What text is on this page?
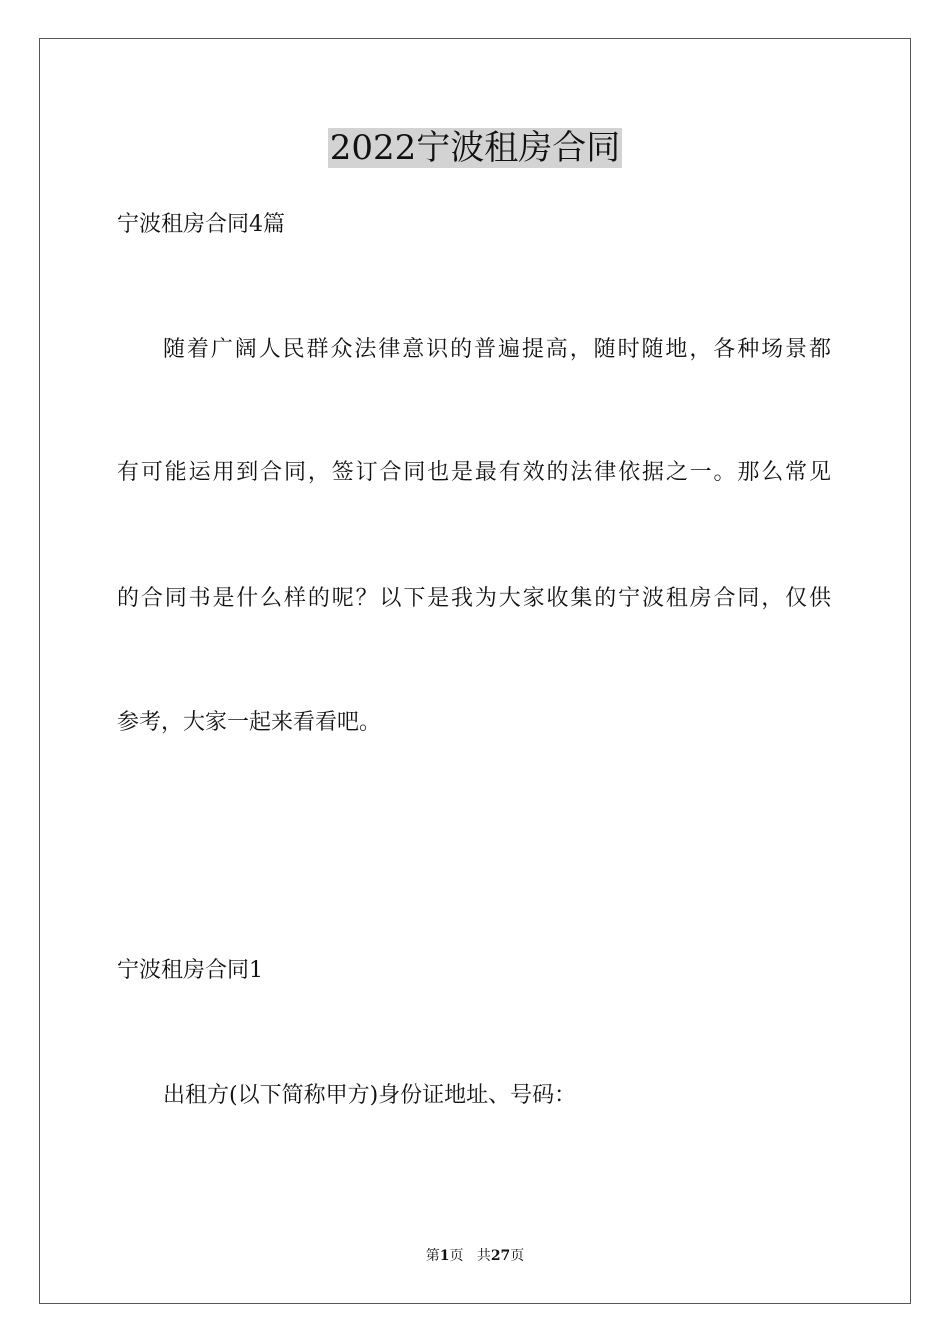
2022宁波租房合同

宁波租房合同4篇

随着广阔人民群众法律意识的普遍提高，随时随地，各种场景都

有可能运用到合同，签订合同也是最有效的法律依据之一。那么常见

的合同书是什么样的呢？以下是我为大家收集的宁波租房合同，仅供

参考，大家一起来看看吧。

宁波租房合同1

出租方(以下简称甲方)身份证地址、号码：

第1页 共27页
